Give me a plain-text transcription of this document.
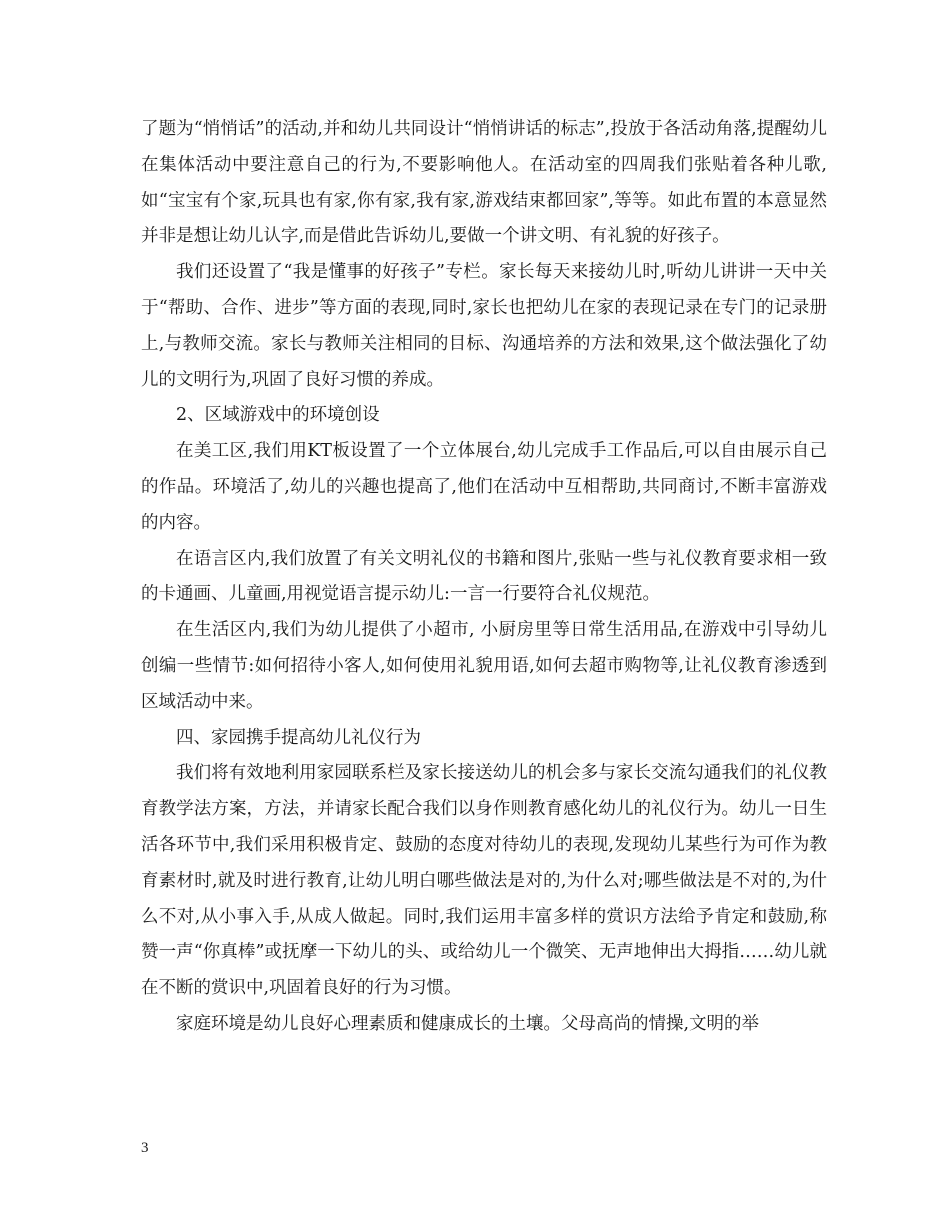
了题为“悄悄话”的活动,并和幼儿共同设计“悄悄讲话的标志”,投放于各活动角落,提醒幼儿在集体活动中要注意自己的行为,不要影响他人。在活动室的四周我们张贴着各种儿歌,如“宝宝有个家,玩具也有家,你有家,我有家,游戏结束都回家”,等等。如此布置的本意显然并非是想让幼儿认字,而是借此告诉幼儿,要做一个讲文明、有礼貌的好孩子。

我们还设置了“我是懂事的好孩子”专栏。家长每天来接幼儿时,听幼儿讲讲一天中关于“帮助、合作、进步”等方面的表现,同时,家长也把幼儿在家的表现记录在专门的记录册上,与教师交流。家长与教师关注相同的目标、沟通培养的方法和效果,这个做法强化了幼儿的文明行为,巩固了良好习惯的养成。

2、区域游戏中的环境创设

在美工区,我们用KT板设置了一个立体展台,幼儿完成手工作品后,可以自由展示自己的作品。环境活了,幼儿的兴趣也提高了,他们在活动中互相帮助,共同商讨,不断丰富游戏的内容。

在语言区内,我们放置了有关文明礼仪的书籍和图片,张贴一些与礼仪教育要求相一致的卡通画、儿童画,用视觉语言提示幼儿:一言一行要符合礼仪规范。

在生活区内,我们为幼儿提供了小超市, 小厨房里等日常生活用品,在游戏中引导幼儿创编一些情节:如何招待小客人,如何使用礼貌用语,如何去超市购物等,让礼仪教育渗透到区域活动中来。

四、家园携手提高幼儿礼仪行为

我们将有效地利用家园联系栏及家长接送幼儿的机会多与家长交流勾通我们的礼仪教育教学法方案，方法，并请家长配合我们以身作则教育感化幼儿的礼仪行为。幼儿一日生活各环节中,我们采用积极肯定、鼓励的态度对待幼儿的表现,发现幼儿某些行为可作为教育素材时,就及时进行教育,让幼儿明白哪些做法是对的,为什么对;哪些做法是不对的,为什么不对,从小事入手,从成人做起。同时,我们运用丰富多样的赏识方法给予肯定和鼓励,称赞一声“你真棒”或抚摩一下幼儿的头、或给幼儿一个微笑、无声地伸出大拇指……幼儿就在不断的赏识中,巩固着良好的行为习惯。

家庭环境是幼儿良好心理素质和健康成长的土壤。父母高尚的情操,文明的举

3
